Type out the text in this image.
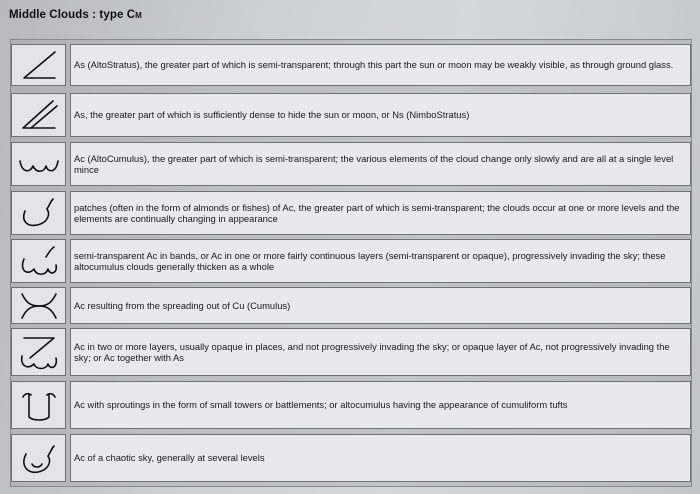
Middle Clouds : type CM
As (AltoStratus), the greater part of which is semi-transparent; through this part the sun or moon may be weakly visible, as through ground glass.
As, the greater part of which is sufficiently dense to hide the sun or moon, or Ns (NimboStratus)
Ac (AltoCumulus), the greater part of which is semi-transparent; the various elements of the cloud change only slowly and are all at a single level mince
patches (often in the form of almonds or fishes) of Ac, the greater part of which is semi-transparent; the clouds occur at one or more levels and the elements are continually changing in appearance
semi-transparent Ac in bands, or Ac in one or more fairly continuous layers (semi-transparent or opaque), progressively invading the sky; these altocumulus clouds generally thicken as a whole
Ac resulting from the spreading out of Cu (Cumulus)
Ac in two or more layers, usually opaque in places, and not progressively invading the sky; or opaque layer of Ac, not progressively invading the sky; or Ac together with As
Ac with sproutings in the form of small towers or battlements; or altocumulus having the appearance of cumuliform tufts
Ac of a chaotic sky, generally at several levels
